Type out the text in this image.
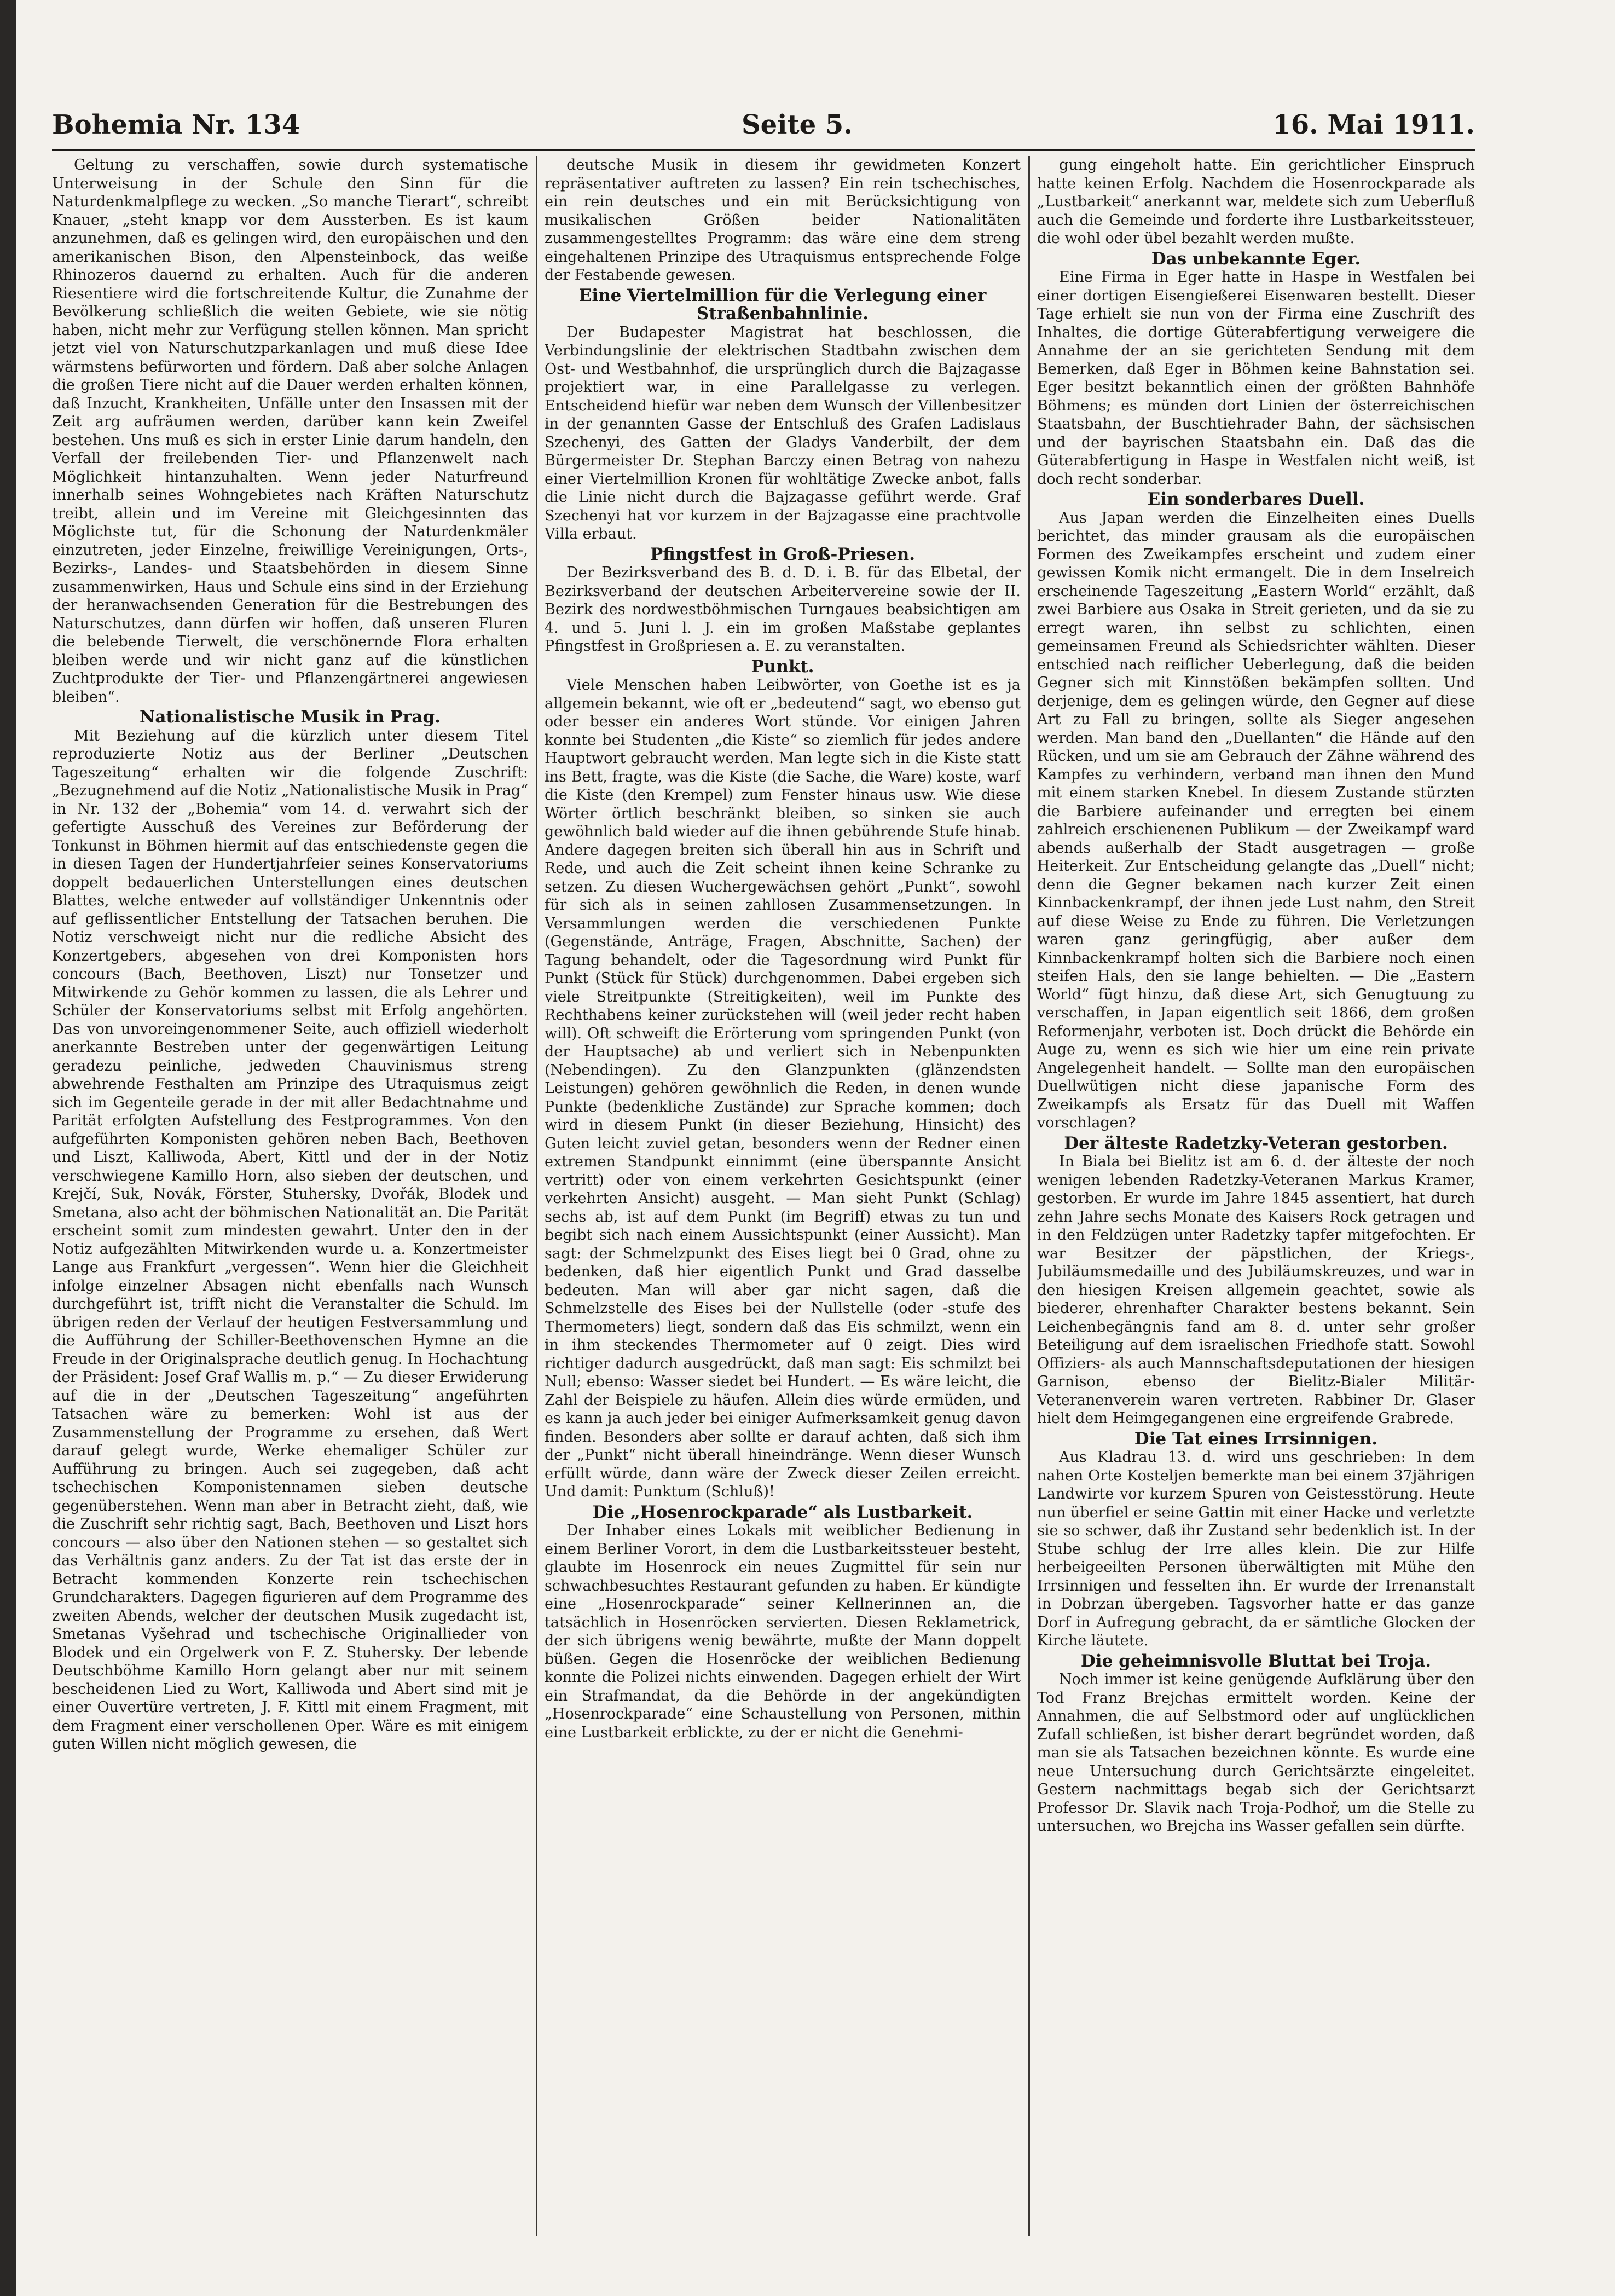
Bohemia Nr. 134	Seite 5.	16. Mai 1911.

Geltung zu verschaffen, sowie durch systematische Unterweisung in der Schule den Sinn für die Naturdenkmalpflege zu wecken. „So manche Tierart“, schreibt Knauer, „steht knapp vor dem Aussterben. Es ist kaum anzunehmen, daß es gelingen wird, den europäischen und den amerikanischen Bison, den Alpensteinbock, das weiße Rhinozeros dauernd zu erhalten. Auch für die anderen Riesentiere wird die fortschreitende Kultur, die Zunahme der Bevölkerung schließlich die weiten Gebiete, wie sie nötig haben, nicht mehr zur Verfügung stellen können. Man spricht jetzt viel von Naturschutzparkanlagen und muß diese Idee wärmstens befürworten und fördern. Daß aber solche Anlagen die großen Tiere nicht auf die Dauer werden erhalten können, daß Inzucht, Krankheiten, Unfälle unter den Insassen mit der Zeit arg aufräumen werden, darüber kann kein Zweifel bestehen. Uns muß es sich in erster Linie darum handeln, den Verfall der freilebenden Tier- und Pflanzenwelt nach Möglichkeit hintanzuhalten. Wenn jeder Naturfreund innerhalb seines Wohngebietes nach Kräften Naturschutz treibt, allein und im Vereine mit Gleichgesinnten das Möglichste tut, für die Schonung der Naturdenkmäler einzutreten, jeder Einzelne, freiwillige Vereinigungen, Orts-, Bezirks-, Landes- und Staatsbehörden in diesem Sinne zusammenwirken, Haus und Schule eins sind in der Erziehung der heranwachsenden Generation für die Bestrebungen des Naturschutzes, dann dürfen wir hoffen, daß unseren Fluren die belebende Tierwelt, die verschönernde Flora erhalten bleiben werde und wir nicht ganz auf die künstlichen Zuchtprodukte der Tier- und Pflanzengärtnerei angewiesen bleiben“.

Nationalistische Musik in Prag.

Mit Beziehung auf die kürzlich unter diesem Titel reproduzierte Notiz aus der Berliner „Deutschen Tageszeitung“ erhalten wir die folgende Zuschrift: „Bezugnehmend auf die Notiz „Nationalistische Musik in Prag“ in Nr. 132 der „Bohemia“ vom 14. d. verwahrt sich der gefertigte Ausschuß des Vereines zur Beförderung der Tonkunst in Böhmen hiermit auf das entschiedenste gegen die in diesen Tagen der Hundertjahrfeier seines Konservatoriums doppelt bedauerlichen Unterstellungen eines deutschen Blattes, welche entweder auf vollständiger Unkenntnis oder auf geflissentlicher Entstellung der Tatsachen beruhen. Die Notiz verschweigt nicht nur die redliche Absicht des Konzertgebers, abgesehen von drei Komponisten hors concours (Bach, Beethoven, Liszt) nur Tonsetzer und Mitwirkende zu Gehör kommen zu lassen, die als Lehrer und Schüler der Konservatoriums selbst mit Erfolg angehörten. Das von unvoreingenommener Seite, auch offiziell wiederholt anerkannte Bestreben unter der gegenwärtigen Leitung geradezu peinliche, jedweden Chauvinismus streng abwehrende Festhalten am Prinzipe des Utraquismus zeigt sich im Gegenteile gerade in der mit aller Bedachtnahme und Parität erfolgten Aufstellung des Festprogrammes. Von den aufgeführten Komponisten gehören neben Bach, Beethoven und Liszt, Kalliwoda, Abert, Kittl und der in der Notiz verschwiegene Kamillo Horn, also sieben der deutschen, und Krejčí, Suk, Novák, Förster, Stuhersky, Dvořák, Blodek und Smetana, also acht der böhmischen Nationalität an. Die Parität erscheint somit zum mindesten gewahrt. Unter den in der Notiz aufgezählten Mitwirkenden wurde u. a. Konzertmeister Lange aus Frankfurt „vergessen“. Wenn hier die Gleichheit infolge einzelner Absagen nicht ebenfalls nach Wunsch durchgeführt ist, trifft nicht die Veranstalter die Schuld. Im übrigen reden der Verlauf der heutigen Festversammlung und die Aufführung der Schiller-Beethovenschen Hymne an die Freude in der Originalsprache deutlich genug. In Hochachtung der Präsident: Josef Graf Wallis m. p.“ — Zu dieser Erwiderung auf die in der „Deutschen Tageszeitung“ angeführten Tatsachen wäre zu bemerken: Wohl ist aus der Zusammenstellung der Programme zu ersehen, daß Wert darauf gelegt wurde, Werke ehemaliger Schüler zur Aufführung zu bringen. Auch sei zugegeben, daß acht tschechischen Komponistennamen sieben deutsche gegenüberstehen. Wenn man aber in Betracht zieht, daß, wie die Zuschrift sehr richtig sagt, Bach, Beethoven und Liszt hors concours — also über den Nationen stehen — so gestaltet sich das Verhältnis ganz anders. Zu der Tat ist das erste der in Betracht kommenden Konzerte rein tschechischen Grundcharakters. Dagegen figurieren auf dem Programme des zweiten Abends, welcher der deutschen Musik zugedacht ist, Smetanas Vyšehrad und tschechische Originallieder von Blodek und ein Orgelwerk von F. Z. Stuhersky. Der lebende Deutschböhme Kamillo Horn gelangt aber nur mit seinem bescheidenen Lied zu Wort, Kalliwoda und Abert sind mit je einer Ouvertüre vertreten, J. F. Kittl mit einem Fragment, mit dem Fragment einer verschollenen Oper. Wäre es mit einigem guten Willen nicht möglich gewesen, die

deutsche Musik in diesem ihr gewidmeten Konzert repräsentativer auftreten zu lassen? Ein rein tschechisches, ein rein deutsches und ein mit Berücksichtigung von musikalischen Größen beider Nationalitäten zusammengestelltes Programm: das wäre eine dem streng eingehaltenen Prinzipe des Utraquismus entsprechende Folge der Festabende gewesen.

Eine Viertelmillion für die Verlegung einer Straßenbahnlinie.

Der Budapester Magistrat hat beschlossen, die Verbindungslinie der elektrischen Stadtbahn zwischen dem Ost- und Westbahnhof, die ursprünglich durch die Bajzagasse projektiert war, in eine Parallelgasse zu verlegen. Entscheidend hiefür war neben dem Wunsch der Villenbesitzer in der genannten Gasse der Entschluß des Grafen Ladislaus Szechenyi, des Gatten der Gladys Vanderbilt, der dem Bürgermeister Dr. Stephan Barczy einen Betrag von nahezu einer Viertelmillion Kronen für wohltätige Zwecke anbot, falls die Linie nicht durch die Bajzagasse geführt werde. Graf Szechenyi hat vor kurzem in der Bajzagasse eine prachtvolle Villa erbaut.

Pfingstfest in Groß-Priesen.

Der Bezirksverband des B. d. D. i. B. für das Elbetal, der Bezirksverband der deutschen Arbeitervereine sowie der II. Bezirk des nordwestböhmischen Turngaues beabsichtigen am 4. und 5. Juni l. J. ein im großen Maßstabe geplantes Pfingstfest in Großpriesen a. E. zu veranstalten.

Punkt.

Viele Menschen haben Leibwörter, von Goethe ist es ja allgemein bekannt, wie oft er „bedeutend“ sagt, wo ebenso gut oder besser ein anderes Wort stünde. Vor einigen Jahren konnte bei Studenten „die Kiste“ so ziemlich für jedes andere Hauptwort gebraucht werden. Man legte sich in die Kiste statt ins Bett, fragte, was die Kiste (die Sache, die Ware) koste, warf die Kiste (den Krempel) zum Fenster hinaus usw. Wie diese Wörter örtlich beschränkt bleiben, so sinken sie auch gewöhnlich bald wieder auf die ihnen gebührende Stufe hinab. Andere dagegen breiten sich überall hin aus in Schrift und Rede, und auch die Zeit scheint ihnen keine Schranke zu setzen. Zu diesen Wuchergewächsen gehört „Punkt“, sowohl für sich als in seinen zahllosen Zusammensetzungen. In Versammlungen werden die verschiedenen Punkte (Gegenstände, Anträge, Fragen, Abschnitte, Sachen) der Tagung behandelt, oder die Tagesordnung wird Punkt für Punkt (Stück für Stück) durchgenommen. Dabei ergeben sich viele Streitpunkte (Streitigkeiten), weil im Punkte des Rechthabens keiner zurückstehen will (weil jeder recht haben will). Oft schweift die Erörterung vom springenden Punkt (von der Hauptsache) ab und verliert sich in Nebenpunkten (Nebendingen). Zu den Glanzpunkten (glänzendsten Leistungen) gehören gewöhnlich die Reden, in denen wunde Punkte (bedenkliche Zustände) zur Sprache kommen; doch wird in diesem Punkt (in dieser Beziehung, Hinsicht) des Guten leicht zuviel getan, besonders wenn der Redner einen extremen Standpunkt einnimmt (eine überspannte Ansicht vertritt) oder von einem verkehrten Gesichtspunkt (einer verkehrten Ansicht) ausgeht. — Man sieht Punkt (Schlag) sechs ab, ist auf dem Punkt (im Begriff) etwas zu tun und begibt sich nach einem Aussichtspunkt (einer Aussicht). Man sagt: der Schmelzpunkt des Eises liegt bei 0 Grad, ohne zu bedenken, daß hier eigentlich Punkt und Grad dasselbe bedeuten. Man will aber gar nicht sagen, daß die Schmelzstelle des Eises bei der Nullstelle (oder -stufe des Thermometers) liegt, sondern daß das Eis schmilzt, wenn ein in ihm steckendes Thermometer auf 0 zeigt. Dies wird richtiger dadurch ausgedrückt, daß man sagt: Eis schmilzt bei Null; ebenso: Wasser siedet bei Hundert. — Es wäre leicht, die Zahl der Beispiele zu häufen. Allein dies würde ermüden, und es kann ja auch jeder bei einiger Aufmerksamkeit genug davon finden. Besonders aber sollte er darauf achten, daß sich ihm der „Punkt“ nicht überall hineindränge. Wenn dieser Wunsch erfüllt würde, dann wäre der Zweck dieser Zeilen erreicht. Und damit: Punktum (Schluß)!

Die „Hosenrockparade“ als Lustbarkeit.

Der Inhaber eines Lokals mit weiblicher Bedienung in einem Berliner Vorort, in dem die Lustbarkeitssteuer besteht, glaubte im Hosenrock ein neues Zugmittel für sein nur schwachbesuchtes Restaurant gefunden zu haben. Er kündigte eine „Hosenrockparade“ seiner Kellnerinnen an, die tatsächlich in Hosenröcken servierten. Diesen Reklametrick, der sich übrigens wenig bewährte, mußte der Mann doppelt büßen. Gegen die Hosenröcke der weiblichen Bedienung konnte die Polizei nichts einwenden. Dagegen erhielt der Wirt ein Strafmandat, da die Behörde in der angekündigten „Hosenrockparade“ eine Schaustellung von Personen, mithin eine Lustbarkeit erblickte, zu der er nicht die Genehmi-

gung eingeholt hatte. Ein gerichtlicher Einspruch hatte keinen Erfolg. Nachdem die Hosenrockparade als „Lustbarkeit“ anerkannt war, meldete sich zum Ueberfluß auch die Gemeinde und forderte ihre Lustbarkeitssteuer, die wohl oder übel bezahlt werden mußte.

Das unbekannte Eger.

Eine Firma in Eger hatte in Haspe in Westfalen bei einer dortigen Eisengießerei Eisenwaren bestellt. Dieser Tage erhielt sie nun von der Firma eine Zuschrift des Inhaltes, die dortige Güterabfertigung verweigere die Annahme der an sie gerichteten Sendung mit dem Bemerken, daß Eger in Böhmen keine Bahnstation sei. Eger besitzt bekanntlich einen der größten Bahnhöfe Böhmens; es münden dort Linien der österreichischen Staatsbahn, der Buschtiehrader Bahn, der sächsischen und der bayrischen Staatsbahn ein. Daß das die Güterabfertigung in Haspe in Westfalen nicht weiß, ist doch recht sonderbar.

Ein sonderbares Duell.

Aus Japan werden die Einzelheiten eines Duells berichtet, das minder grausam als die europäischen Formen des Zweikampfes erscheint und zudem einer gewissen Komik nicht ermangelt. Die in dem Inselreich erscheinende Tageszeitung „Eastern World“ erzählt, daß zwei Barbiere aus Osaka in Streit gerieten, und da sie zu erregt waren, ihn selbst zu schlichten, einen gemeinsamen Freund als Schiedsrichter wählten. Dieser entschied nach reiflicher Ueberlegung, daß die beiden Gegner sich mit Kinnstößen bekämpfen sollten. Und derjenige, dem es gelingen würde, den Gegner auf diese Art zu Fall zu bringen, sollte als Sieger angesehen werden. Man band den „Duellanten“ die Hände auf den Rücken, und um sie am Gebrauch der Zähne während des Kampfes zu verhindern, verband man ihnen den Mund mit einem starken Knebel. In diesem Zustande stürzten die Barbiere aufeinander und erregten bei einem zahlreich erschienenen Publikum — der Zweikampf ward abends außerhalb der Stadt ausgetragen — große Heiterkeit. Zur Entscheidung gelangte das „Duell“ nicht; denn die Gegner bekamen nach kurzer Zeit einen Kinnbackenkrampf, der ihnen jede Lust nahm, den Streit auf diese Weise zu Ende zu führen. Die Verletzungen waren ganz geringfügig, aber außer dem Kinnbackenkrampf holten sich die Barbiere noch einen steifen Hals, den sie lange behielten. — Die „Eastern World“ fügt hinzu, daß diese Art, sich Genugtuung zu verschaffen, in Japan eigentlich seit 1866, dem großen Reformenjahr, verboten ist. Doch drückt die Behörde ein Auge zu, wenn es sich wie hier um eine rein private Angelegenheit handelt. — Sollte man den europäischen Duellwütigen nicht diese japanische Form des Zweikampfs als Ersatz für das Duell mit Waffen vorschlagen?

Der älteste Radetzky-Veteran gestorben.

In Biala bei Bielitz ist am 6. d. der älteste der noch wenigen lebenden Radetzky-Veteranen Markus Kramer, gestorben. Er wurde im Jahre 1845 assentiert, hat durch zehn Jahre sechs Monate des Kaisers Rock getragen und in den Feldzügen unter Radetzky tapfer mitgefochten. Er war Besitzer der päpstlichen, der Kriegs-, Jubiläumsmedaille und des Jubiläumskreuzes, und war in den hiesigen Kreisen allgemein geachtet, sowie als biederer, ehrenhafter Charakter bestens bekannt. Sein Leichenbegängnis fand am 8. d. unter sehr großer Beteiligung auf dem israelischen Friedhofe statt. Sowohl Offiziers- als auch Mannschaftsdeputationen der hiesigen Garnison, ebenso der Bielitz-Bialer Militär-Veteranenverein waren vertreten. Rabbiner Dr. Glaser hielt dem Heimgegangenen eine ergreifende Grabrede.

Die Tat eines Irrsinnigen.

Aus Kladrau 13. d. wird uns geschrieben: In dem nahen Orte Kosteljen bemerkte man bei einem 37jährigen Landwirte vor kurzem Spuren von Geistesstörung. Heute nun überfiel er seine Gattin mit einer Hacke und verletzte sie so schwer, daß ihr Zustand sehr bedenklich ist. In der Stube schlug der Irre alles klein. Die zur Hilfe herbeigeeilten Personen überwältigten mit Mühe den Irrsinnigen und fesselten ihn. Er wurde der Irrenanstalt in Dobrzan übergeben. Tagsvorher hatte er das ganze Dorf in Aufregung gebracht, da er sämtliche Glocken der Kirche läutete.

Die geheimnisvolle Bluttat bei Troja.

Noch immer ist keine genügende Aufklärung über den Tod Franz Brejchas ermittelt worden. Keine der Annahmen, die auf Selbstmord oder auf unglücklichen Zufall schließen, ist bisher derart begründet worden, daß man sie als Tatsachen bezeichnen könnte. Es wurde eine neue Untersuchung durch Gerichtsärzte eingeleitet. Gestern nachmittags begab sich der Gerichtsarzt Professor Dr. Slavik nach Troja-Podhoř, um die Stelle zu untersuchen, wo Brejcha ins Wasser gefallen sein dürfte.
